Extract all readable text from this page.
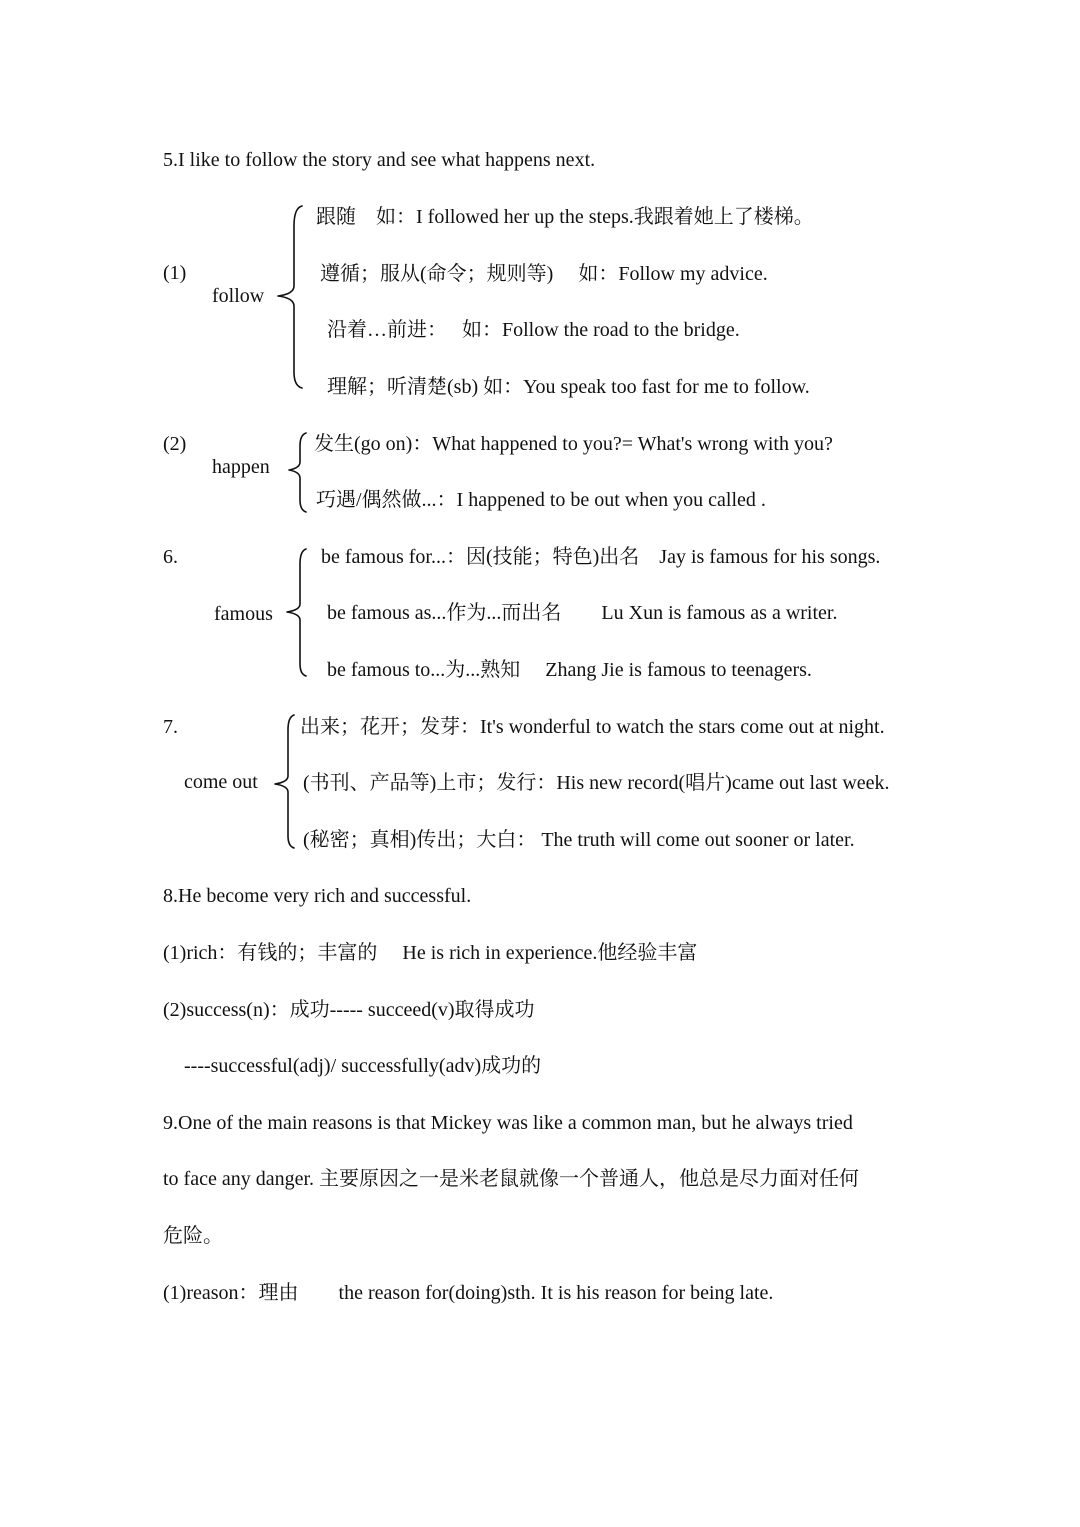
5.I like to follow the story and see what happens next.
(1)
follow
跟随　如：I followed her up the steps.我跟着她上了楼梯。
遵循；服从(命令；规则等)　 如：Follow my advice.
沿着…前进：　 如：Follow the road to the bridge.
理解；听清楚(sb) 如：You speak too fast for me to follow.
(2)
happen
发生(go on)：What happened to you?= What's wrong with you?
巧遇/偶然做...：I happened to be out when you called .
6.
famous
be famous for...：因(技能；特色)出名　Jay is famous for his songs.
be famous as...作为...而出名　　Lu Xun is famous as a writer.
be famous to...为...熟知　 Zhang Jie is famous to teenagers.
7.
come out
出来；花开；发芽：It's wonderful to watch the stars come out at night.
(书刊、产品等)上市；发行：His new record(唱片)came out last week.
(秘密；真相)传出；大白： The truth will come out sooner or later.
8.He become very rich and successful.
(1)rich：有钱的；丰富的　 He is rich in experience.他经验丰富
(2)success(n)：成功----- succeed(v)取得成功
----successful(adj)/ successfully(adv)成功的
9.One of the main reasons is that Mickey was like a common man, but he always tried
to face any danger. 主要原因之一是米老鼠就像一个普通人，他总是尽力面对任何
危险。
(1)reason：理由　　the reason for(doing)sth. It is his reason for being late.
